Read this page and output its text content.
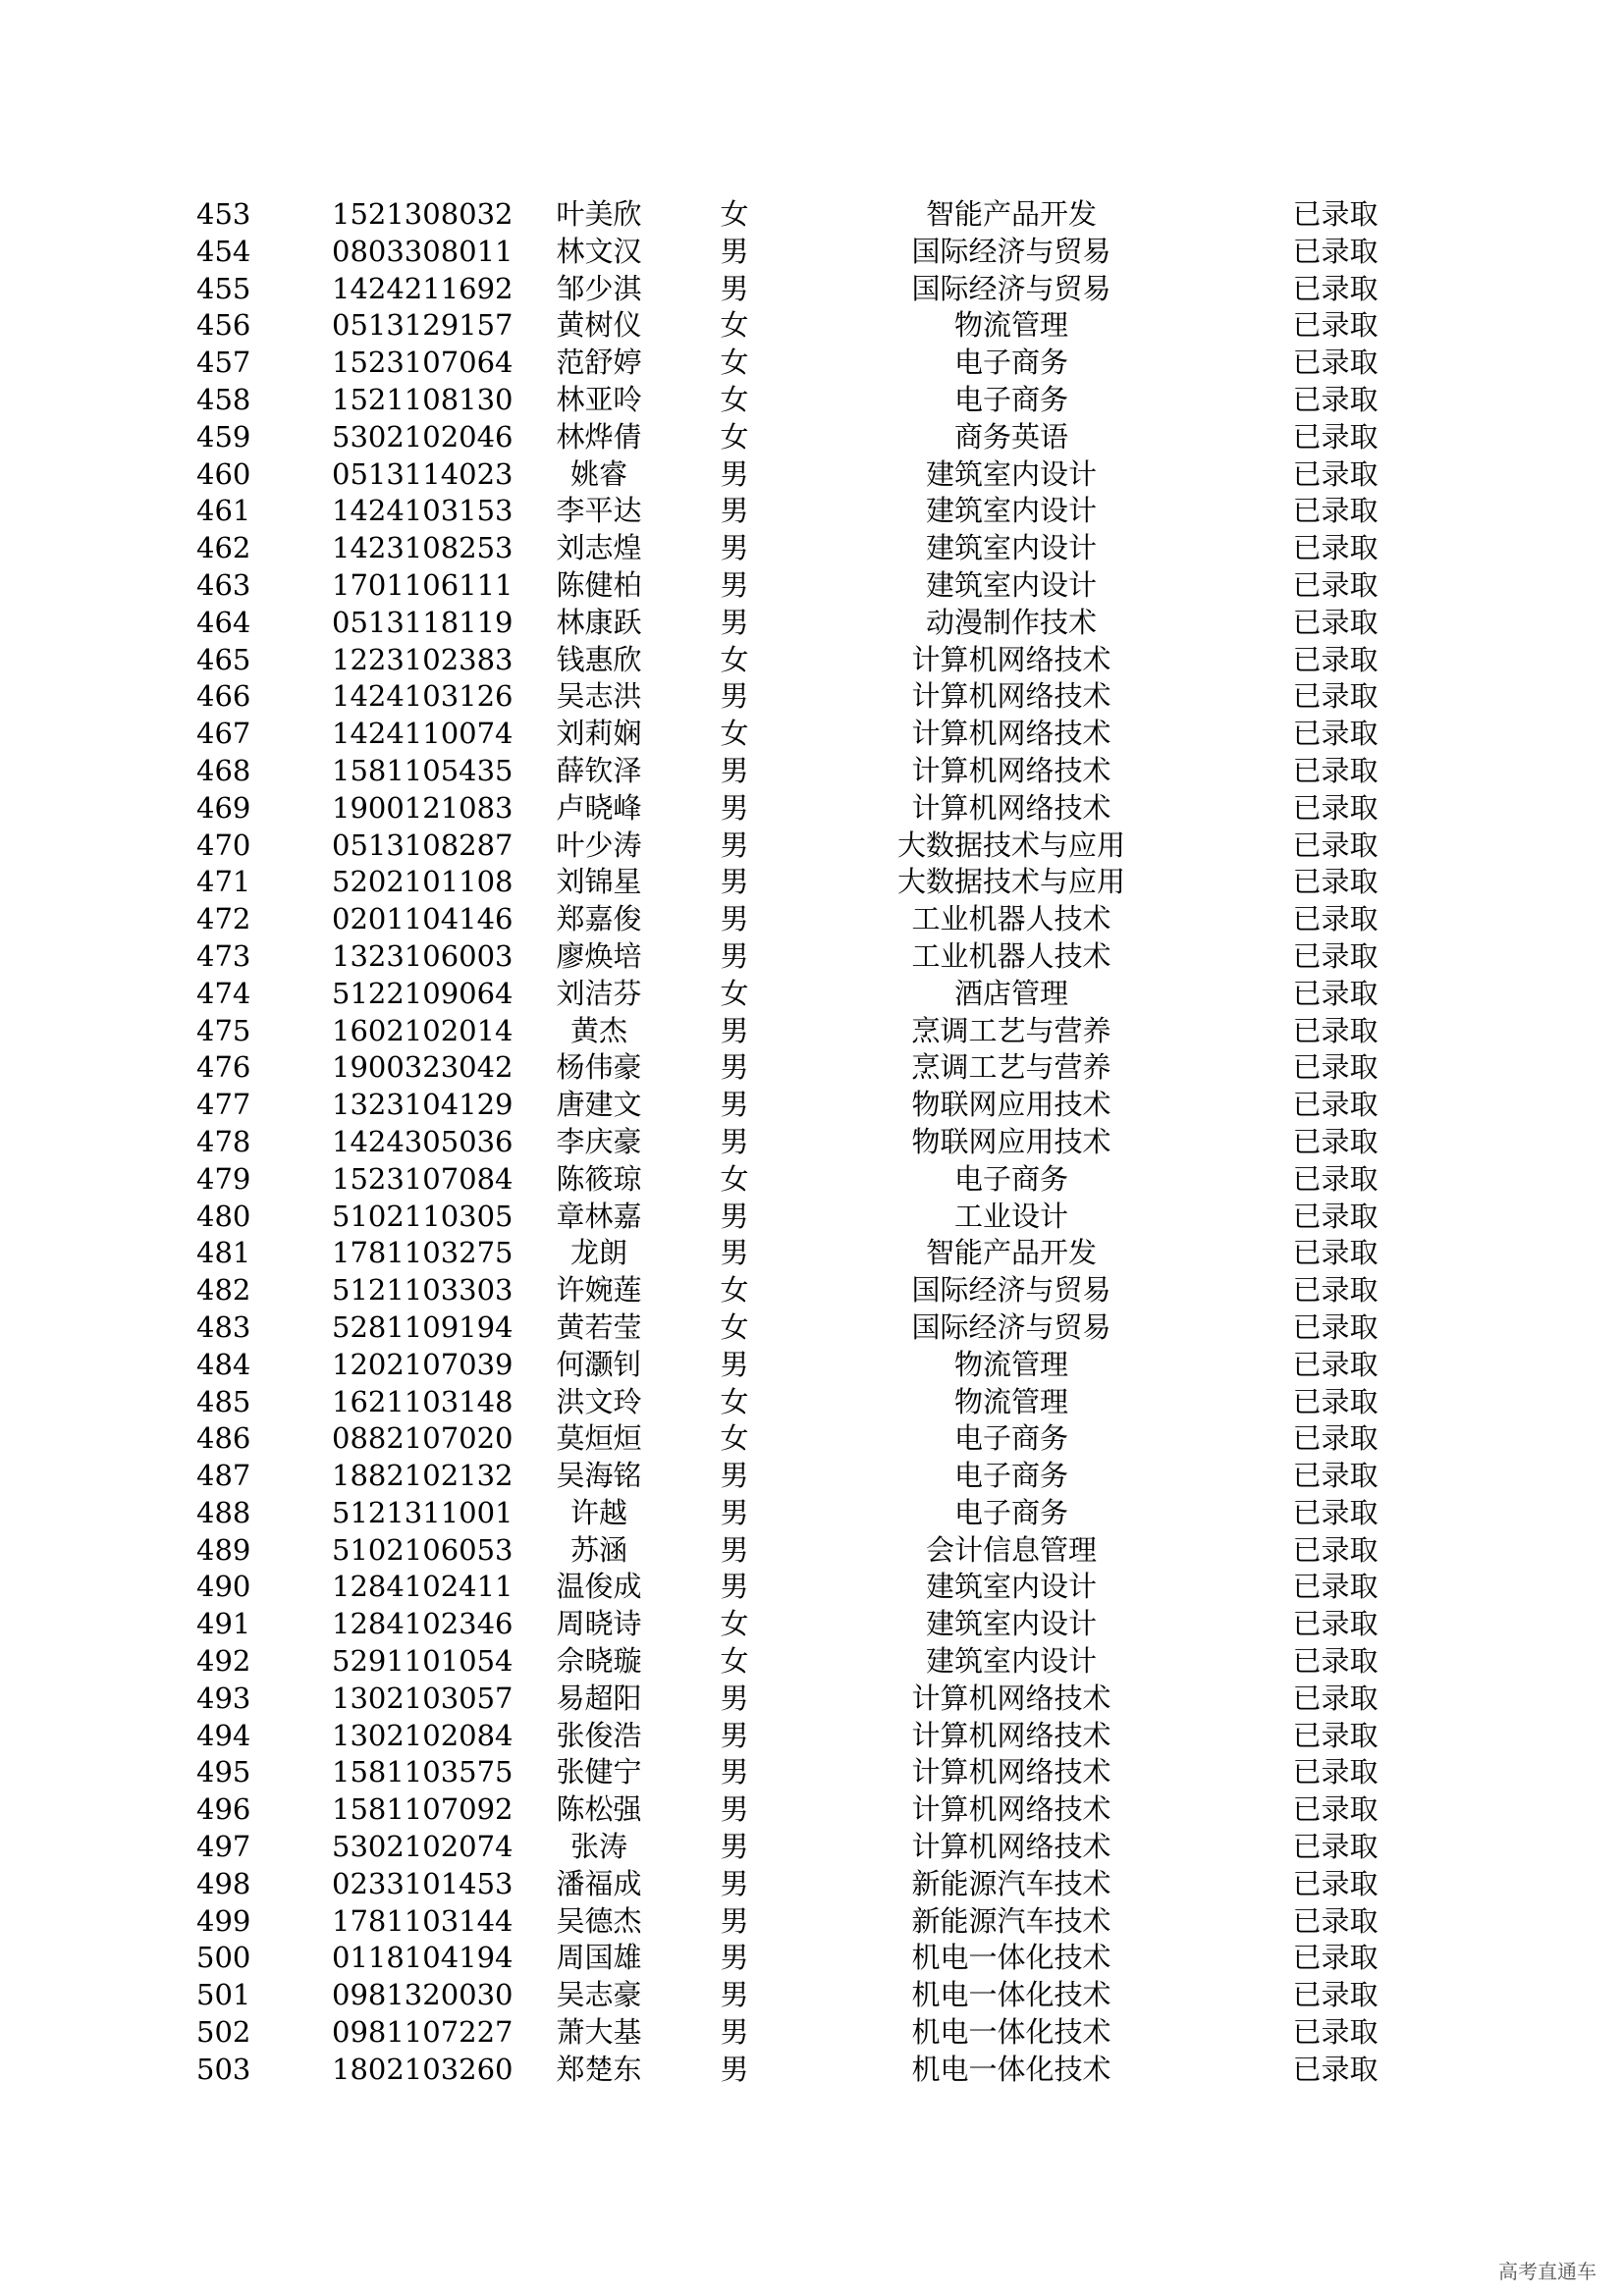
453	1521308032	叶美欣	女	智能产品开发	已录取
454	0803308011	林文汉	男	国际经济与贸易	已录取
455	1424211692	邹少淇	男	国际经济与贸易	已录取
456	0513129157	黄树仪	女	物流管理	已录取
457	1523107064	范舒婷	女	电子商务	已录取
458	1521108130	林亚呤	女	电子商务	已录取
459	5302102046	林烨倩	女	商务英语	已录取
460	0513114023	姚睿	男	建筑室内设计	已录取
461	1424103153	李平达	男	建筑室内设计	已录取
462	1423108253	刘志煌	男	建筑室内设计	已录取
463	1701106111	陈健柏	男	建筑室内设计	已录取
464	0513118119	林康跃	男	动漫制作技术	已录取
465	1223102383	钱惠欣	女	计算机网络技术	已录取
466	1424103126	吴志洪	男	计算机网络技术	已录取
467	1424110074	刘莉娴	女	计算机网络技术	已录取
468	1581105435	薛钦泽	男	计算机网络技术	已录取
469	1900121083	卢晓峰	男	计算机网络技术	已录取
470	0513108287	叶少涛	男	大数据技术与应用	已录取
471	5202101108	刘锦星	男	大数据技术与应用	已录取
472	0201104146	郑嘉俊	男	工业机器人技术	已录取
473	1323106003	廖焕培	男	工业机器人技术	已录取
474	5122109064	刘洁芬	女	酒店管理	已录取
475	1602102014	黄杰	男	烹调工艺与营养	已录取
476	1900323042	杨伟豪	男	烹调工艺与营养	已录取
477	1323104129	唐建文	男	物联网应用技术	已录取
478	1424305036	李庆豪	男	物联网应用技术	已录取
479	1523107084	陈筱琼	女	电子商务	已录取
480	5102110305	章林嘉	男	工业设计	已录取
481	1781103275	龙朗	男	智能产品开发	已录取
482	5121103303	许婉莲	女	国际经济与贸易	已录取
483	5281109194	黄若莹	女	国际经济与贸易	已录取
484	1202107039	何灏钊	男	物流管理	已录取
485	1621103148	洪文玲	女	物流管理	已录取
486	0882107020	莫烜烜	女	电子商务	已录取
487	1882102132	吴海铭	男	电子商务	已录取
488	5121311001	许越	男	电子商务	已录取
489	5102106053	苏涵	男	会计信息管理	已录取
490	1284102411	温俊成	男	建筑室内设计	已录取
491	1284102346	周晓诗	女	建筑室内设计	已录取
492	5291101054	佘晓璇	女	建筑室内设计	已录取
493	1302103057	易超阳	男	计算机网络技术	已录取
494	1302102084	张俊浩	男	计算机网络技术	已录取
495	1581103575	张健宁	男	计算机网络技术	已录取
496	1581107092	陈松强	男	计算机网络技术	已录取
497	5302102074	张涛	男	计算机网络技术	已录取
498	0233101453	潘福成	男	新能源汽车技术	已录取
499	1781103144	吴德杰	男	新能源汽车技术	已录取
500	0118104194	周国雄	男	机电一体化技术	已录取
501	0981320030	吴志豪	男	机电一体化技术	已录取
502	0981107227	萧大基	男	机电一体化技术	已录取
503	1802103260	郑楚东	男	机电一体化技术	已录取
高考直通车
